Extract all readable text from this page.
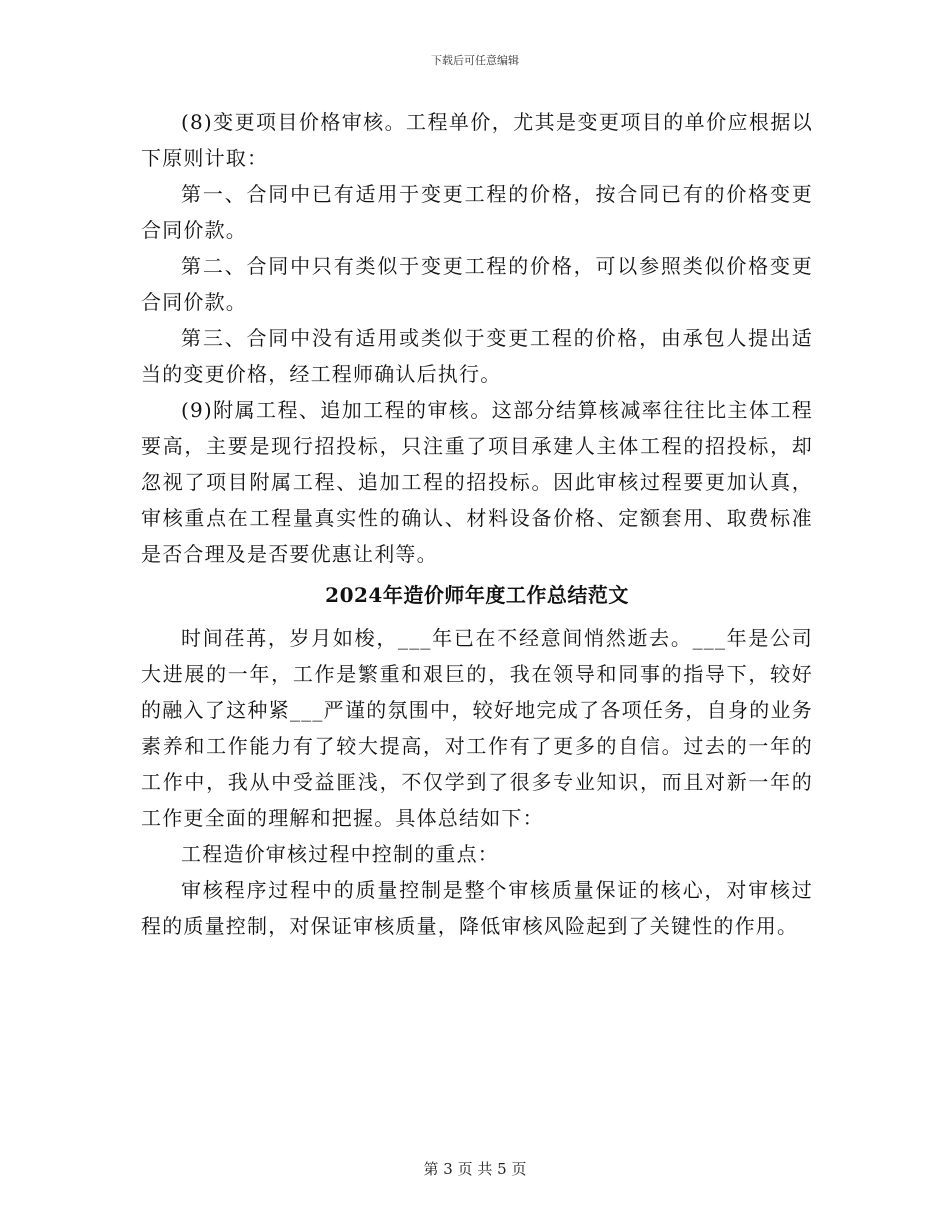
下载后可任意编辑

(8)变更项目价格审核。工程单价，尤其是变更项目的单价应根据以下原则计取：

第一、合同中已有适用于变更工程的价格，按合同已有的价格变更合同价款。

第二、合同中只有类似于变更工程的价格，可以参照类似价格变更合同价款。

第三、合同中没有适用或类似于变更工程的价格，由承包人提出适当的变更价格，经工程师确认后执行。

(9)附属工程、追加工程的审核。这部分结算核减率往往比主体工程要高，主要是现行招投标，只注重了项目承建人主体工程的招投标，却忽视了项目附属工程、追加工程的招投标。因此审核过程要更加认真，审核重点在工程量真实性的确认、材料设备价格、定额套用、取费标准是否合理及是否要优惠让利等。

2024年造价师年度工作总结范文

时间荏苒，岁月如梭，___年已在不经意间悄然逝去。___年是公司大进展的一年，工作是繁重和艰巨的，我在领导和同事的指导下，较好的融入了这种紧___严谨的氛围中，较好地完成了各项任务，自身的业务素养和工作能力有了较大提高，对工作有了更多的自信。过去的一年的工作中，我从中受益匪浅，不仅学到了很多专业知识，而且对新一年的工作更全面的理解和把握。具体总结如下：

工程造价审核过程中控制的重点：

审核程序过程中的质量控制是整个审核质量保证的核心，对审核过程的质量控制，对保证审核质量，降低审核风险起到了关键性的作用。

第 3 页 共 5 页
